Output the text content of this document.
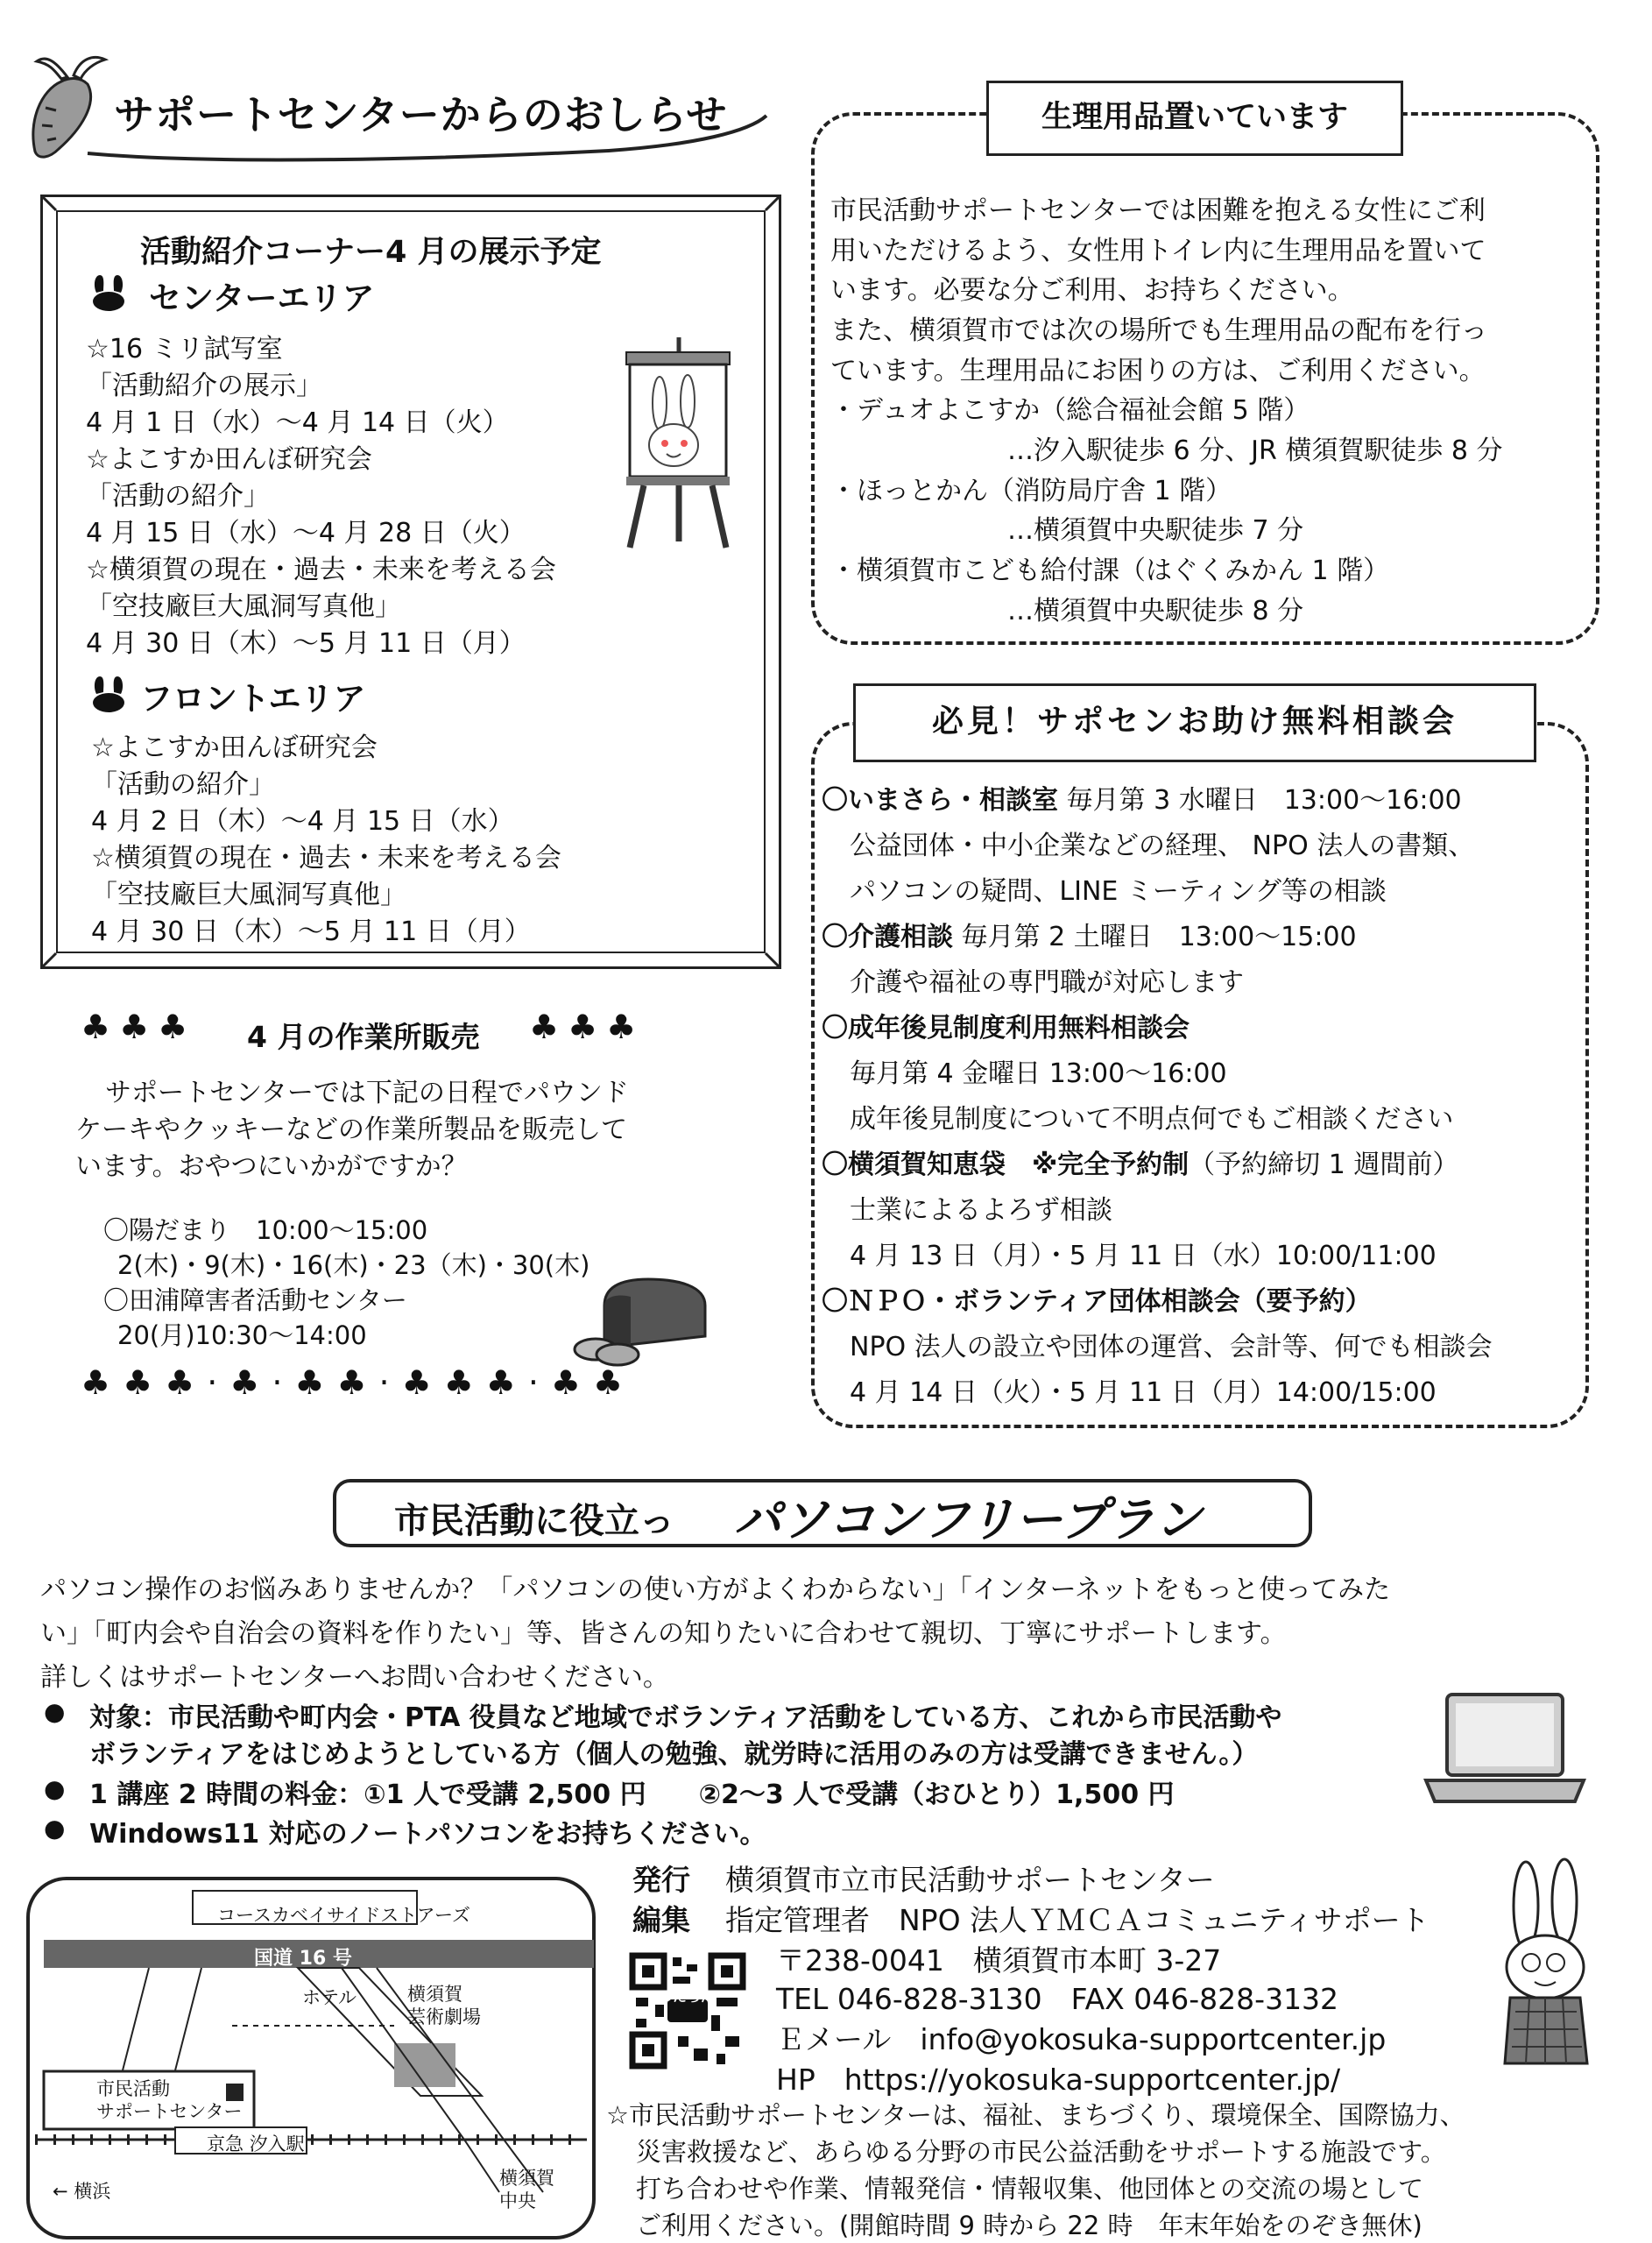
サポートセンターからのおしらせ
活動紹介コーナー4 月の展示予定
センターエリア
☆16 ミリ試写室
「活動紹介の展示」
4 月 1 日（水）～4 月 14 日（火）
☆よこすか田んぼ研究会
「活動の紹介」
4 月 15 日（水）～4 月 28 日（火）
☆横須賀の現在・過去・未来を考える会
「空技廠巨大風洞写真他」
4 月 30 日（木）～5 月 11 日（月）
フロントエリア
☆よこすか田んぼ研究会
「活動の紹介」
4 月 2 日（木）～4 月 15 日（水）
☆横須賀の現在・過去・未来を考える会
「空技廠巨大風洞写真他」
4 月 30 日（木）～5 月 11 日（月）
♣♣♣ 4 月の作業所販売 ♣♣♣
サポートセンターでは下記の日程でパウンド
ケーキやクッキーなどの作業所製品を販売して
います。おやつにいかがですか？
〇陽だまり　10:00～15:00
2(木)・9(木)・16(木)・23（木)・30(木)
〇田浦障害者活動センター
20(月)10:30～14:00
♣♣♣·♣·♣♣·♣♣♣·♣♣
生理用品置いています
市民活動サポートセンターでは困難を抱える女性にご利
用いただけるよう、女性用トイレ内に生理用品を置いて
います。必要な分ご利用、お持ちください。
また、横須賀市では次の場所でも生理用品の配布を行っ
ています。生理用品にお困りの方は、ご利用ください。
・デュオよこすか（総合福祉会館 5 階）
…汐入駅徒歩 6 分、JR 横須賀駅徒歩 8 分
・ほっとかん（消防局庁舎 1 階）
…横須賀中央駅徒歩 7 分
・横須賀市こども給付課（はぐくみかん 1 階）
…横須賀中央駅徒歩 8 分
必見！サポセンお助け無料相談会
〇いまさら・相談室 毎月第 3 水曜日　13:00～16:00
公益団体・中小企業などの経理、 NPO 法人の書類、
パソコンの疑問、LINE ミーティング等の相談
〇介護相談 毎月第 2 土曜日　13:00～15:00
介護や福祉の専門職が対応します
〇成年後見制度利用無料相談会
毎月第 4 金曜日 13:00～16:00
成年後見制度について不明点何でもご相談ください
〇横須賀知恵袋　※完全予約制（予約締切 1 週間前）
士業によるよろず相談
4 月 13 日（月）・5 月 11 日（水）10:00/11:00
〇ＮＰＯ・ボランティア団体相談会（要予約）
NPO 法人の設立や団体の運営、会計等、何でも相談会
4 月 14 日（火）・5 月 11 日（月）14:00/15:00
市民活動に役立っ パソコンフリープラン
パソコン操作のお悩みありませんか？「パソコンの使い方がよくわからない」「インターネットをもっと使ってみた
い」「町内会や自治会の資料を作りたい」等、皆さんの知りたいに合わせて親切、丁寧にサポートします。
詳しくはサポートセンターへお問い合わせください。
● 対象：市民活動や町内会・PTA 役員など地域でボランティア活動をしている方、これから市民活動や
ボランティアをはじめようとしている方（個人の勉強、就労時に活用のみの方は受講できません。）
● 1 講座 2 時間の料金：①1 人で受講 2,500 円　　②2～3 人で受講（おひとり）1,500 円
● Windows11 対応のノートパソコンをお持ちください。
コースカベイサイドストアーズ
国道 16 号
ホテル	横須賀
芸術劇場
市民活動
サポートセンター
京急 汐入駅
← 横浜
横須賀
中央
発行 横須賀市立市民活動サポートセンター
編集 指定管理者　NPO 法人ＹＭＣＡコミュニティサポート
〒238-0041　横須賀市本町 3-27
TEL 046-828-3130　FAX 046-828-3132
Ｅメール　info@yokosuka-supportcenter.jp
HP　https://yokosuka-supportcenter.jp/
のたろん
☆市民活動サポートセンターは、福祉、まちづくり、環境保全、国際協力、
災害救援など、あらゆる分野の市民公益活動をサポートする施設です。
打ち合わせや作業、情報発信・情報収集、他団体との交流の場として
ご利用ください。(開館時間 9 時から 22 時　年末年始をのぞき無休)
